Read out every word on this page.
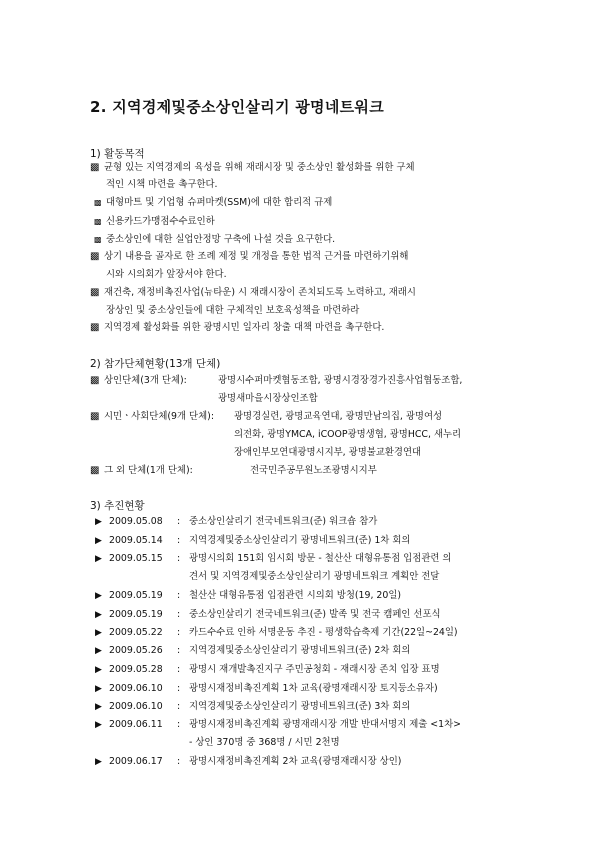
2. 지역경제및중소상인살리기 광명네트워크
1) 활동목적
▩ 균형 있는 지역경제의 육성을 위해 재래시장 및 중소상인 활성화를 위한 구체
적인 시책 마련을 촉구한다.
▩ 대형마트 및 기업형 슈퍼마켓(SSM)에 대한 합리적 규제
▩ 신용카드가맹점수수료인하
▩ 중소상인에 대한 실업안정망 구축에 나설 것을 요구한다.
▩ 상기 내용을 골자로 한 조례 제정 및 개정을 통한 법적 근거를 마련하기위해
시와 시의회가 앞장서야 한다.
▩ 재건축, 재정비촉진사업(뉴타운) 시 재래시장이 존치되도록 노력하고, 재래시
장상인 및 중소상인들에 대한 구체적인 보호육성책을 마련하라
▩ 지역경제 활성화를 위한 광명시민 일자리 창출 대책 마련을 촉구한다.
2) 참가단체현황(13개 단체)
▩ 상인단체(3개 단체):	광명시수퍼마켓협동조합, 광명시경장경가진흥사업협동조합,
광명새마을시장상인조합
▩ 시민ㆍ사회단체(9개 단체): 광명경실련, 광명교육연대, 광명만남의집, 광명여성
의전화, 광명YMCA, iCOOP광명생협, 광명HCC, 새누리
장애인부모연대광명시지부, 광명불교환경연대
▩ 그 외 단체(1개 단체):	전국민주공무원노조광명시지부
3) 추진현황
▶ 2009.05.08 : 중소상인살리기 전국네트워크(준) 워크숍 참가
▶ 2009.05.14 : 지역경제및중소상인살리기 광명네트워크(준) 1차 회의
▶ 2009.05.15 : 광명시의회 151회 임시회 방문 - 철산산 대형유통점 입점관련 의
견서 및 지역경제및중소상인살리기 광명네트워크 계획안 전달
▶ 2009.05.19 : 철산산 대형유통점 입점관련 시의회 방청(19, 20일)
▶ 2009.05.19 : 중소상인살리기 전국네트워크(준) 발족 및 전국 캠페인 선포식
▶ 2009.05.22 : 카드수수료 인하 서명운동 추진 - 평생학습축제 기간(22일~24일)
▶ 2009.05.26 : 지역경제및중소상인살리기 광명네트워크(준) 2차 회의
▶ 2009.05.28 : 광명시 재개발촉진지구 주민공청회 - 재래시장 존치 입장 표명
▶ 2009.06.10 : 광명시재정비촉진계획 1차 교육(광명재래시장 토지등소유자)
▶ 2009.06.10 : 지역경제및중소상인살리기 광명네트워크(준) 3차 회의
▶ 2009.06.11 : 광명시재정비촉진계획 광명재래시장 개발 반대서명지 제출 <1차>
- 상인 370명 중 368명 / 시민 2천명
▶ 2009.06.17 : 광명시재정비촉진계획 2차 교육(광명재래시장 상인)
